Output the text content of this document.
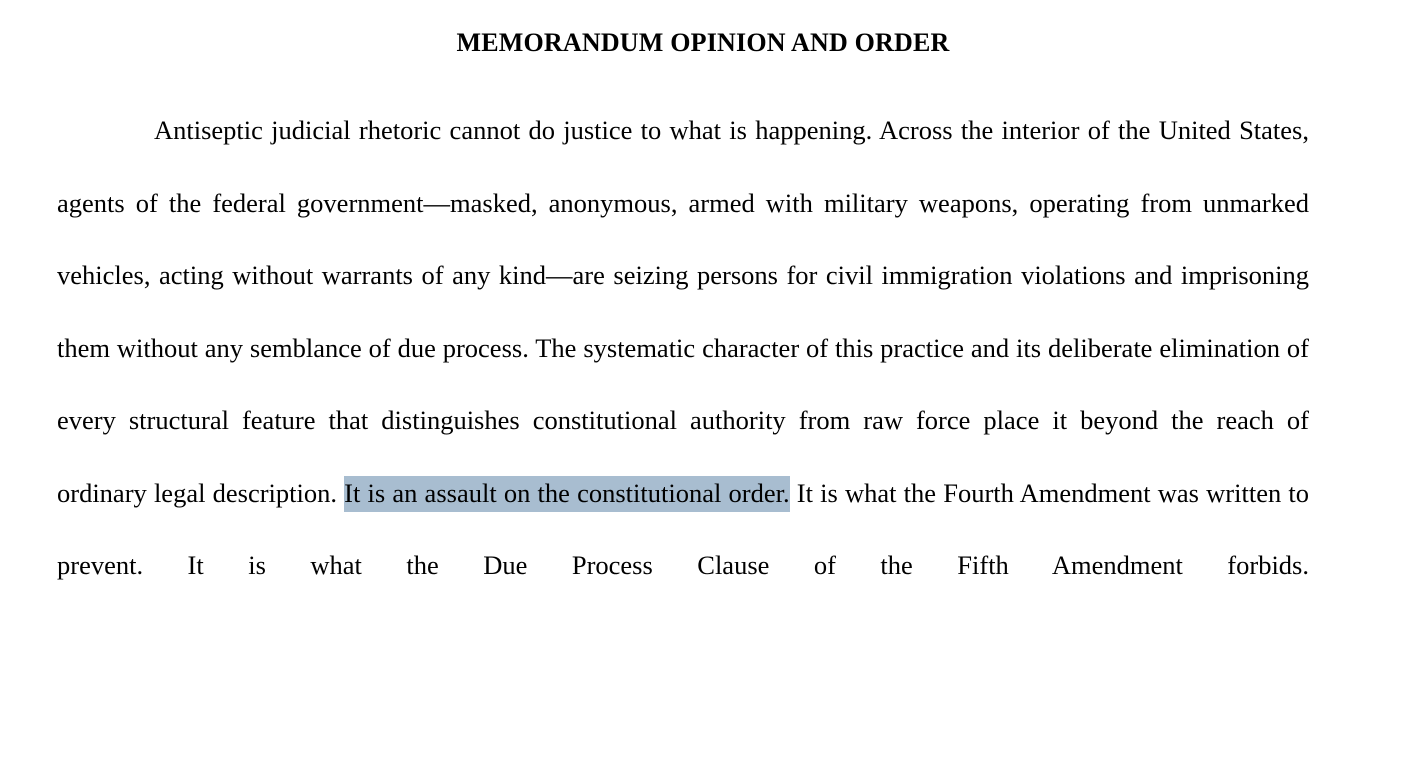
MEMORANDUM OPINION AND ORDER

Antiseptic judicial rhetoric cannot do justice to what is happening. Across the interior of the United States, agents of the federal government—masked, anonymous, armed with military weapons, operating from unmarked vehicles, acting without warrants of any kind—are seizing persons for civil immigration violations and imprisoning them without any semblance of due process. The systematic character of this practice and its deliberate elimination of every structural feature that distinguishes constitutional authority from raw force place it beyond the reach of ordinary legal description. It is an assault on the constitutional order. It is what the Fourth Amendment was written to prevent. It is what the Due Process Clause of the Fifth Amendment forbids.
